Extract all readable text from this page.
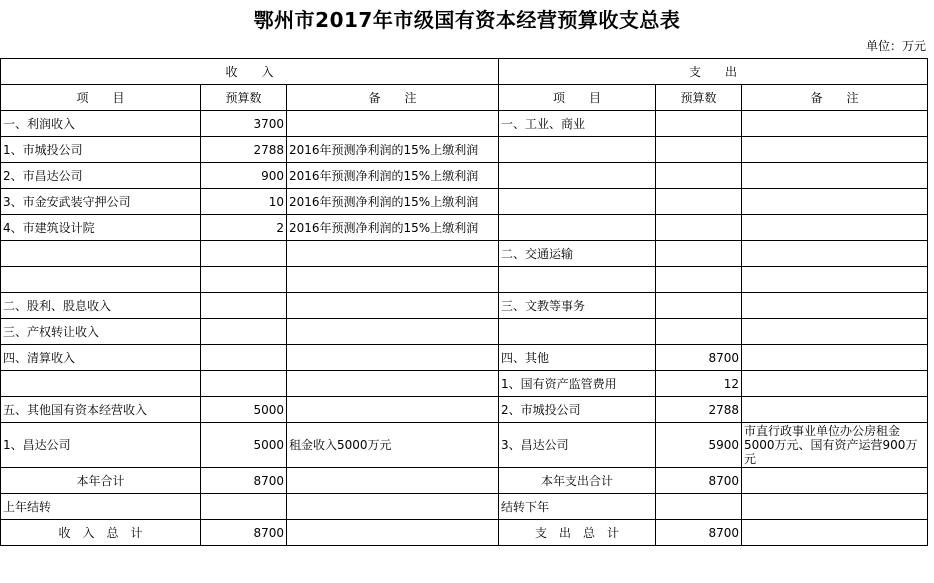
鄂州市2017年市级国有资本经营预算收支总表
单位：万元
收　　入			支　　出		
项　　目	预算数	备　　注	项　　目	预算数	备　　注
一、利润收入	3700		一、工业、商业		
1、市城投公司	2788	2016年预测净利润的15%上缴利润			
2、市昌达公司	900	2016年预测净利润的15%上缴利润			
3、市金安武装守押公司	10	2016年预测净利润的15%上缴利润			
4、市建筑设计院	2	2016年预测净利润的15%上缴利润			
			二、交通运输		

二、股利、股息收入			三、文教等事务		
三、产权转让收入					
四、清算收入			四、其他	8700	
			1、国有资产监管费用	12	
五、其他国有资本经营收入	5000		2、市城投公司	2788	
1、昌达公司	5000	租金收入5000万元	3、昌达公司	5900	市直行政事业单位办公房租金5000万元、国有资产运营900万元
本年合计	8700		本年支出合计	8700	
上年结转			结转下年		
收　入　总　计	8700		支　出　总　计	8700	
